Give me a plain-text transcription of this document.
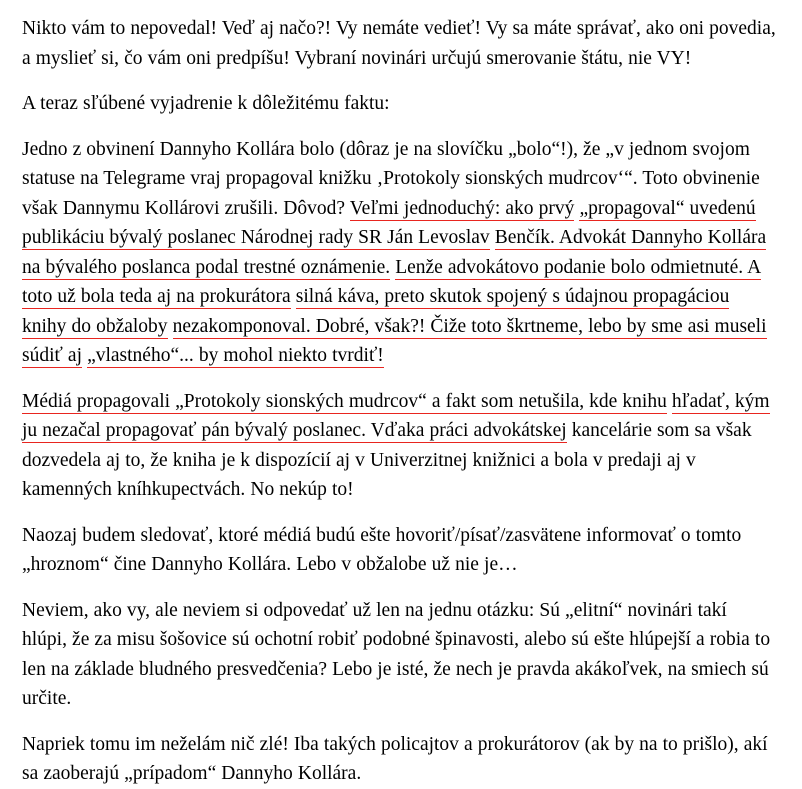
Nikto vám to nepovedal! Veď aj načo?! Vy nemáte vedieť! Vy sa máte správať, ako oni povedia, a myslieť si, čo vám oni predpíšu! Vybraní novinári určujú smerovanie štátu, nie VY!

A teraz sľúbené vyjadrenie k dôležitému faktu:

Jedno z obvinení Dannyho Kollára bolo (dôraz je na slovíčku „bolo“!), že „v jednom svojom statuse na Telegrame vraj propagoval knižku ‚Protokoly sionských mudrcov‘“. Toto obvinenie však Dannymu Kollárovi zrušili. Dôvod? Veľmi jednoduchý: ako prvý „propagoval“ uvedenú publikáciu bývalý poslanec Národnej rady SR Ján Levoslav Benčík. Advokát Dannyho Kollára na bývalého poslanca podal trestné oznámenie. Lenže advokátovo podanie bolo odmietnuté. A toto už bola teda aj na prokurátora silná káva, preto skutok spojený s údajnou propagáciou knihy do obžaloby nezakomponoval. Dobré, však?! Čiže toto škrtneme, lebo by sme asi museli súdiť aj „vlastného“... by mohol niekto tvrdiť!

Médiá propagovali „Protokoly sionských mudrcov“ a fakt som netušila, kde knihu hľadať, kým ju nezačal propagovať pán bývalý poslanec. Vďaka práci advokátskej kancelárie som sa však dozvedela aj to, že kniha je k dispozícií aj v Univerzitnej knižnici a bola v predaji aj v kamenných kníhkupectvách. No nekúp to!

Naozaj budem sledovať, ktoré médiá budú ešte hovoriť/písať/zasvätene informovať o tomto „hroznom“ čine Dannyho Kollára. Lebo v obžalobe už nie je…

Neviem, ako vy, ale neviem si odpovedať už len na jednu otázku: Sú „elitní“ novinári takí hlúpi, že za misu šošovice sú ochotní robiť podobné špinavosti, alebo sú ešte hlúpejší a robia to len na základe bludného presvedčenia? Lebo je isté, že nech je pravda akákoľvek, na smiech sú určite.

Napriek tomu im neželám nič zlé! Iba takých policajtov a prokurátorov (ak by na to prišlo), akí sa zaoberajú „prípadom“ Dannyho Kollára.
